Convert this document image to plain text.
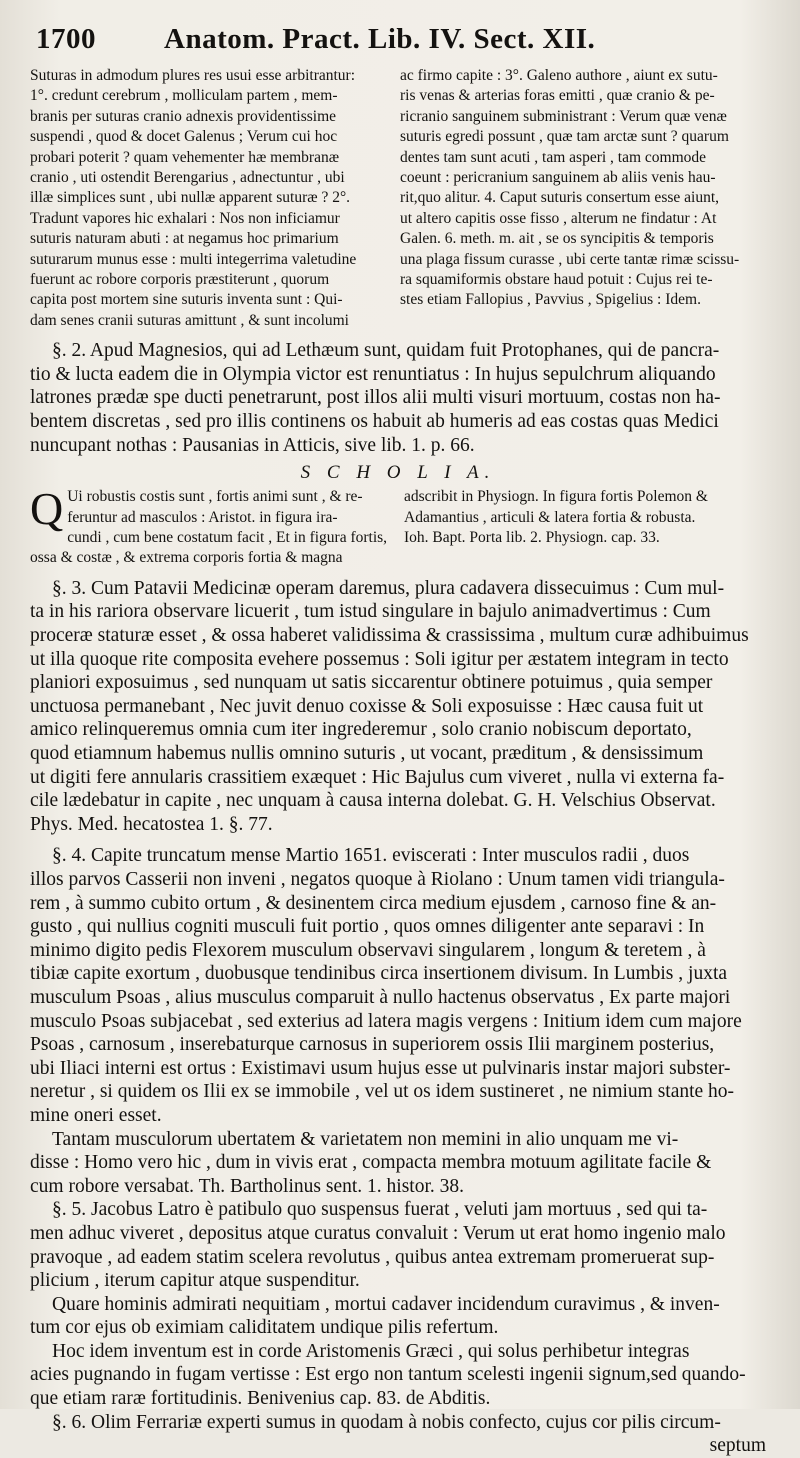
1700	Anatom. Pract. Lib. IV. Sect. XII.
Suturas in admodum plures res usui esse arbitrantur:
1°. credunt cerebrum , molliculam partem , mem-
branis per suturas cranio adnexis providentissime
suspendi , quod & docet Galenus ; Verum cui hoc
probari poterit ? quam vehementer hæ membranæ
cranio , uti ostendit Berengarius , adnectuntur , ubi
illæ simplices sunt , ubi nullæ apparent suturæ ? 2°.
Tradunt vapores hic exhalari : Nos non inficiamur
suturis naturam abuti : at negamus hoc primarium
suturarum munus esse : multi integerrima valetudine
fuerunt ac robore corporis præstiterunt , quorum
capita post mortem sine suturis inventa sunt : Qui-
dam senes cranii suturas amittunt , & sunt incolumi
ac firmo capite : 3°. Galeno authore , aiunt ex sutu-
ris venas & arterias foras emitti , quæ cranio & pe-
ricranio sanguinem subministrant : Verum quæ venæ
suturis egredi possunt , quæ tam arctæ sunt ? quarum
dentes tam sunt acuti , tam asperi , tam commode
coeunt : pericranium sanguinem ab aliis venis hau-
rit,quo alitur. 4. Caput suturis consertum esse aiunt,
ut altero capitis osse fisso , alterum ne findatur : At
Galen. 6. meth. m. ait , se os syncipitis & temporis
una plaga fissum curasse , ubi certe tantæ rimæ scissu-
ra squamiformis obstare haud potuit : Cujus rei te-
stes etiam Fallopius , Pavvius , Spigelius : Idem.
§. 2. Apud Magnesios, qui ad Lethæum sunt, quidam fuit Protophanes, qui de pancra-
tio & lucta eadem die in Olympia victor est renuntiatus : In hujus sepulchrum aliquando
latrones prædæ spe ducti penetrarunt, post illos alii multi visuri mortuum, costas non ha-
bentem discretas , sed pro illis continens os habuit ab humeris ad eas costas quas Medici
nuncupant nothas : Pausanias in Atticis, sive lib. 1. p. 66.
S C H O L I A.
Q Ui robustis costis sunt , fortis animi sunt , & re-
feruntur ad masculos : Aristot. in figura ira-
cundi , cum bene costatum facit , Et in figura fortis,
ossa & costæ , & extrema corporis fortia & magna
adscribit in Physiogn. In figura fortis Polemon &
Adamantius , articuli & latera fortia & robusta.
Ioh. Bapt. Porta lib. 2. Physiogn. cap. 33.
§. 3. Cum Patavii Medicinæ operam daremus, plura cadavera dissecuimus : Cum mul-
ta in his rariora observare licuerit , tum istud singulare in bajulo animadvertimus : Cum
proceræ staturæ esset , & ossa haberet validissima & crassissima , multum curæ adhibuimus
ut illa quoque rite composita evehere possemus : Soli igitur per æstatem integram in tecto
planiori exposuimus , sed nunquam ut satis siccarentur obtinere potuimus , quia semper
unctuosa permanebant , Nec juvit denuo coxisse & Soli exposuisse : Hæc causa fuit ut
amico relinqueremus omnia cum iter ingrederemur , solo cranio nobiscum deportato,
quod etiamnum habemus nullis omnino suturis , ut vocant, præditum , & densissimum
ut digiti fere annularis crassitiem exæquet : Hic Bajulus cum viveret , nulla vi externa fa-
cile lædebatur in capite , nec unquam à causa interna dolebat. G. H. Velschius Observat.
Phys. Med. hecatostea 1. §. 77.
§. 4. Capite truncatum mense Martio 1651. eviscerati : Inter musculos radii , duos
illos parvos Casserii non inveni , negatos quoque à Riolano : Unum tamen vidi triangula-
rem , à summo cubito ortum , & desinentem circa medium ejusdem , carnoso fine & an-
gusto , qui nullius cogniti musculi fuit portio , quos omnes diligenter ante separavi : In
minimo digito pedis Flexorem musculum observavi singularem , longum & teretem , à
tibiæ capite exortum , duobusque tendinibus circa insertionem divisum. In Lumbis , juxta
musculum Psoas , alius musculus comparuit à nullo hactenus observatus , Ex parte majori
musculo Psoas subjacebat , sed exterius ad latera magis vergens : Initium idem cum majore
Psoas , carnosum , inserebaturque carnosus in superiorem ossis Ilii marginem posterius,
ubi Iliaci interni est ortus : Existimavi usum hujus esse ut pulvinaris instar majori subster-
neretur , si quidem os Ilii ex se immobile , vel ut os idem sustineret , ne nimium stante ho-
mine oneri esset.
Tantam musculorum ubertatem & varietatem non memini in alio unquam me vi-
disse : Homo vero hic , dum in vivis erat , compacta membra motuum agilitate facile &
cum robore versabat. Th. Bartholinus sent. 1. histor. 38.
§. 5. Jacobus Latro è patibulo quo suspensus fuerat , veluti jam mortuus , sed qui ta-
men adhuc viveret , depositus atque curatus convaluit : Verum ut erat homo ingenio malo
pravoque , ad eadem statim scelera revolutus , quibus antea extremam promeruerat sup-
plicium , iterum capitur atque suspenditur.
Quare hominis admirati nequitiam , mortui cadaver incidendum curavimus , & inven-
tum cor ejus ob eximiam caliditatem undique pilis refertum.
Hoc idem inventum est in corde Aristomenis Græci , qui solus perhibetur integras
acies pugnando in fugam vertisse : Est ergo non tantum scelesti ingenii signum,sed quando-
que etiam raræ fortitudinis. Benivenius cap. 83. de Abditis.
§. 6. Olim Ferrariæ experti sumus in quodam à nobis confecto, cujus cor pilis circum-
septum
